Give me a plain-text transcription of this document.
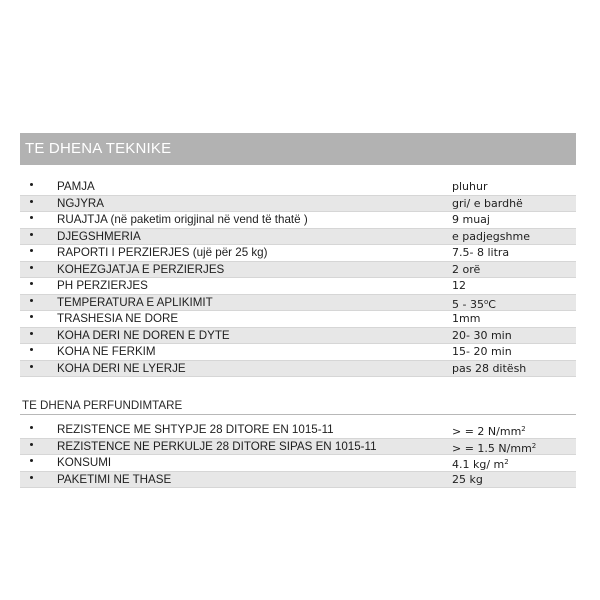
TE DHENA TEKNIKE
PAMJA	pluhur
NGJYRA	gri/ e bardhë
RUAJTJA (në paketim origjinal në vend të thatë )	9 muaj
DJEGSHMERIA	e padjegshme
RAPORTI I PERZIERJES (ujë për 25 kg)	7.5- 8 litra
KOHEZGJATJA E PERZIERJES	2 orë
PH PERZIERJES	12
TEMPERATURA E APLIKIMIT	5 - 35$^o$C
TRASHESIA NE DORE	1mm
KOHA DERI NE DOREN E DYTE	20- 30 min
KOHA NE FERKIM	15- 20 min
KOHA DERI NE LYERJE	pas 28 ditësh
TE DHENA PERFUNDIMTARE
REZISTENCE ME SHTYPJE 28 DITORE EN 1015-11	> = 2 $N/mm^2$
REZISTENCE NE PERKULJE 28 DITORE SIPAS EN 1015-11	> = 1.5 $N/mm^2$
KONSUMI	4.1 kg/ $m^2$
PAKETIMI NE THASE	25 kg
